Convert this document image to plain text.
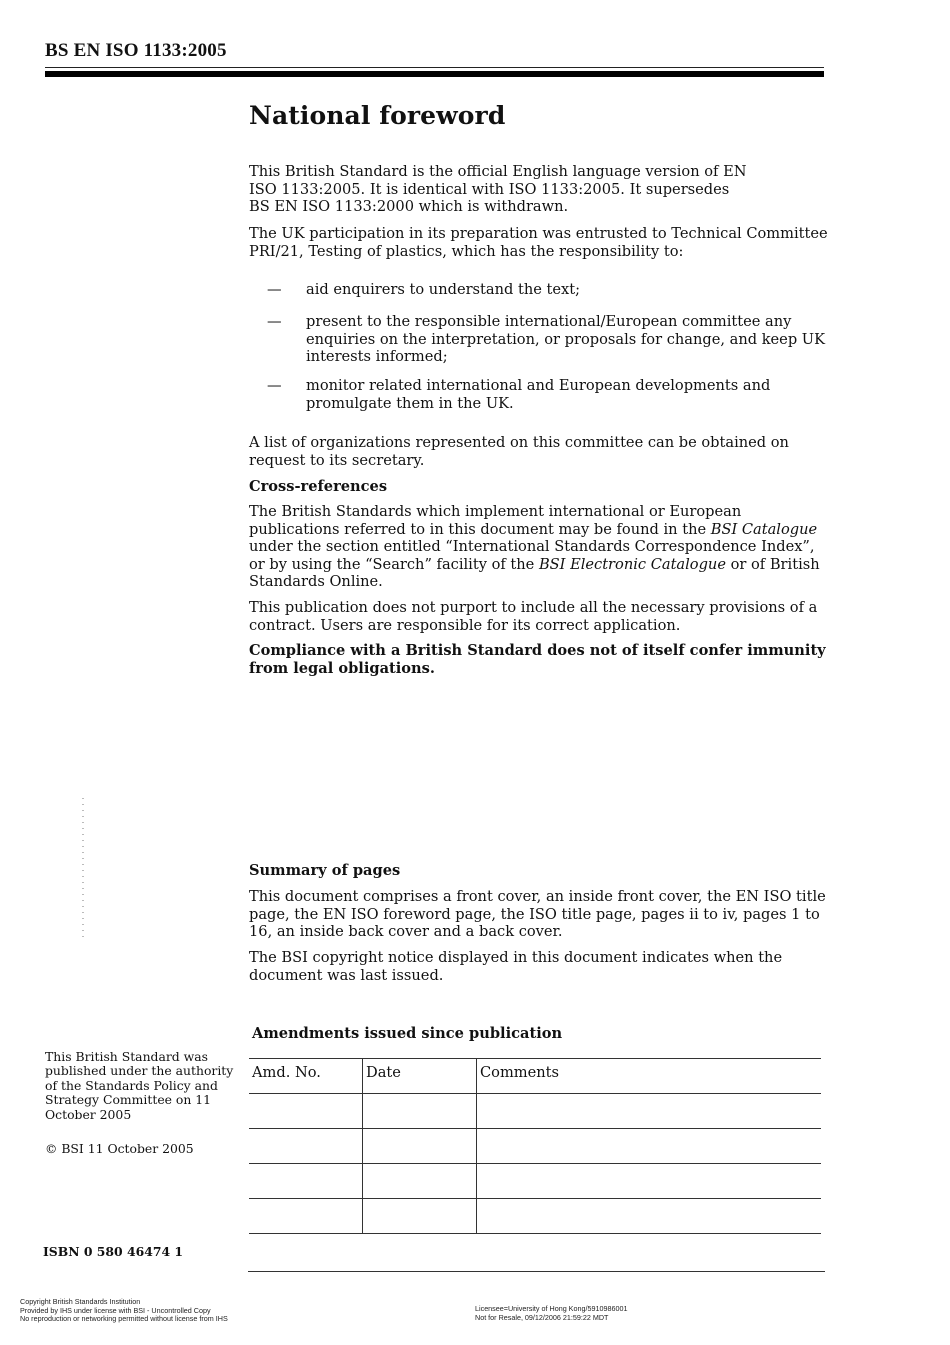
BS EN ISO 1133:2005
National foreword

This British Standard is the official English language version of EN ISO 1133:2005. It is identical with ISO 1133:2005. It supersedes BS EN ISO 1133:2000 which is withdrawn.

The UK participation in its preparation was entrusted to Technical Committee PRI/21, Testing of plastics, which has the responsibility to:

— aid enquirers to understand the text;
— present to the responsible international/European committee any enquiries on the interpretation, or proposals for change, and keep UK interests informed;
— monitor related international and European developments and promulgate them in the UK.

A list of organizations represented on this committee can be obtained on request to its secretary.

Cross-references

The British Standards which implement international or European publications referred to in this document may be found in the BSI Catalogue under the section entitled “International Standards Correspondence Index”, or by using the “Search” facility of the BSI Electronic Catalogue or of British Standards Online.

This publication does not purport to include all the necessary provisions of a contract. Users are responsible for its correct application.

Compliance with a British Standard does not of itself confer immunity from legal obligations.

Summary of pages

This document comprises a front cover, an inside front cover, the EN ISO title page, the EN ISO foreword page, the ISO title page, pages ii to iv, pages 1 to 16, an inside back cover and a back cover.

The BSI copyright notice displayed in this document indicates when the document was last issued.

This British Standard was published under the authority of the Standards Policy and Strategy Committee on 11 October 2005
© BSI 11 October 2005
ISBN 0 580 46474 1
Amendments issued since publication
Amd. No.	Date	Comments

Copyright British Standards Institution
Provided by IHS under license with BSI - Uncontrolled Copy
No reproduction or networking permitted without license from IHS
Licensee=University of Hong Kong/5910986001
Not for Resale, 09/12/2006 21:59:22 MDT
